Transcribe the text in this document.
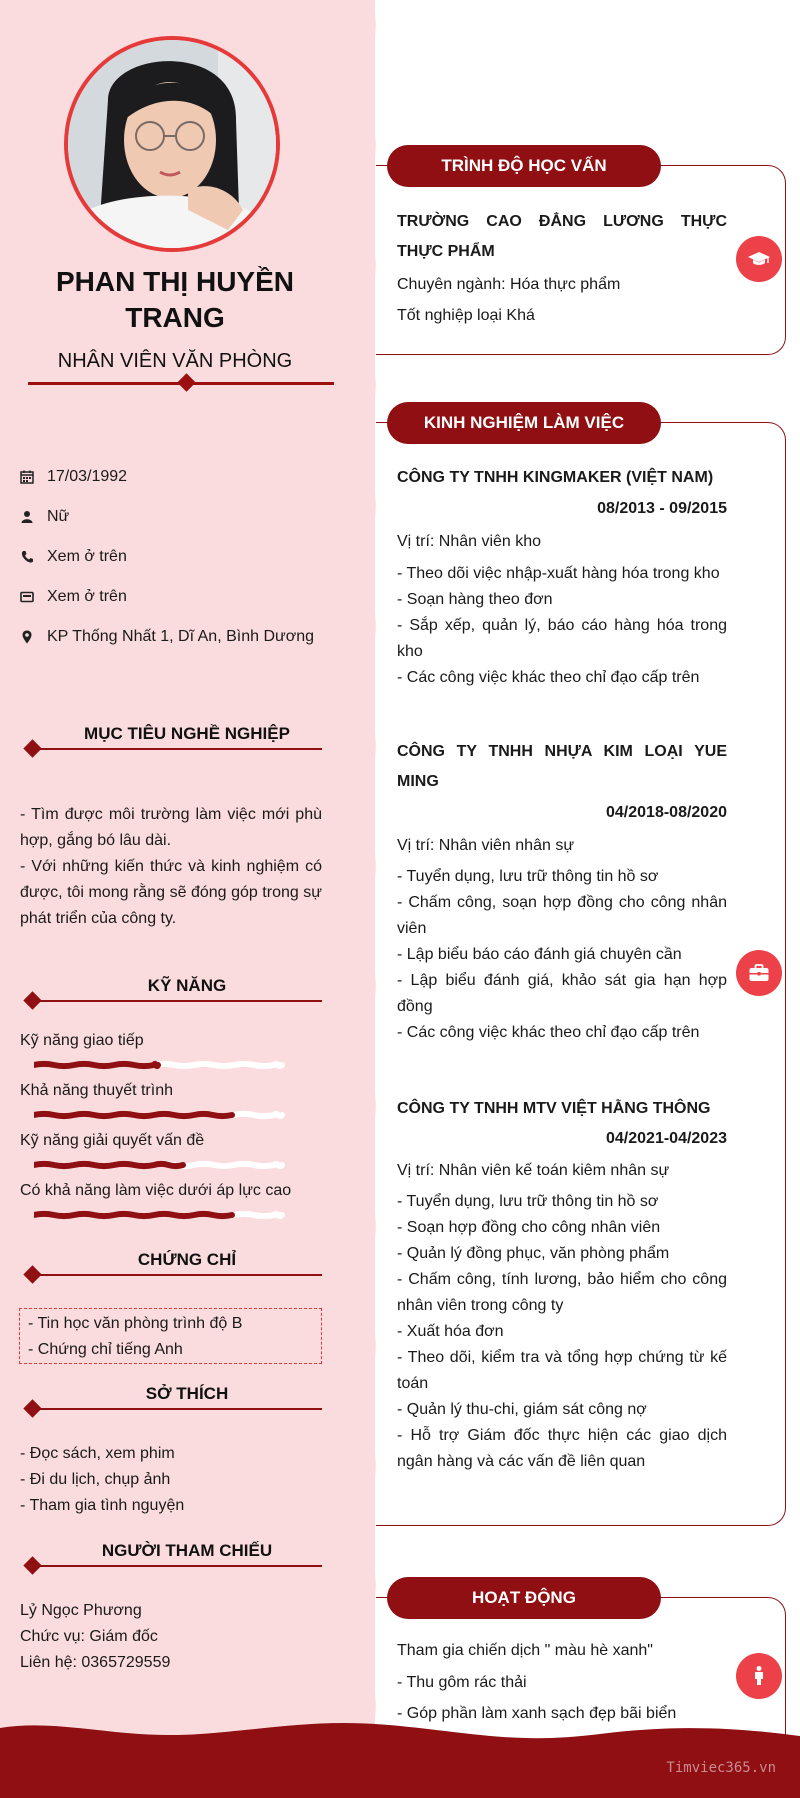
PHAN THỊ HUYỀN TRANG
NHÂN VIÊN VĂN PHÒNG
17/03/1992
Nữ
Xem ở trên
Xem ở trên
KP Thống Nhất 1, Dĩ An, Bình Dương
MỤC TIÊU NGHỀ NGHIỆP
- Tìm được môi trường làm việc mới phù hợp, gắng bó lâu dài.
- Với những kiến thức và kinh nghiệm có được, tôi mong rằng sẽ đóng góp trong sự phát triển của công ty.
KỸ NĂNG
Kỹ năng giao tiếp
Khả năng thuyết trình
Kỹ năng giải quyết vấn đề
Có khả năng làm việc dưới áp lực cao
CHỨNG CHỈ
- Tin học văn phòng trình độ B
- Chứng chỉ tiếng Anh
SỞ THÍCH
- Đọc sách, xem phim
- Đi du lịch, chụp ảnh
- Tham gia tình nguyện
NGƯỜI THAM CHIẾU
Lỷ Ngọc Phương
Chức vụ: Giám đốc
Liên hệ: 0365729559
TRÌNH ĐỘ HỌC VẤN
TRƯỜNG CAO ĐẲNG LƯƠNG THỰC THỰC PHẨM
Chuyên ngành: Hóa thực phẩm
Tốt nghiệp loại Khá
KINH NGHIỆM LÀM VIỆC
CÔNG TY TNHH KINGMAKER (VIỆT NAM)
08/2013 - 09/2015
Vị trí: Nhân viên kho
- Theo dõi việc nhập-xuất hàng hóa trong kho
- Soạn hàng theo đơn
- Sắp xếp, quản lý, báo cáo hàng hóa trong kho
- Các công việc khác theo chỉ đạo cấp trên
CÔNG TY TNHH NHỰA KIM LOẠI YUE MING
04/2018-08/2020
Vị trí: Nhân viên nhân sự
- Tuyển dụng, lưu trữ thông tin hồ sơ
- Chấm công, soạn hợp đồng cho công nhân viên
- Lập biểu báo cáo đánh giá chuyên cần
- Lập biểu đánh giá, khảo sát gia hạn hợp đồng
- Các công việc khác theo chỉ đạo cấp trên
CÔNG TY TNHH MTV VIỆT HẰNG THÔNG
04/2021-04/2023
Vị trí: Nhân viên kế toán kiêm nhân sự
- Tuyển dụng, lưu trữ thông tin hồ sơ
- Soạn hợp đồng cho công nhân viên
- Quản lý đồng phục, văn phòng phẩm
- Chấm công, tính lương, bảo hiểm cho công nhân viên trong công ty
- Xuất hóa đơn
- Theo dõi, kiểm tra và tổng hợp chứng từ kế toán
- Quản lý thu-chi, giám sát công nợ
- Hỗ trợ Giám đốc thực hiện các giao dịch ngân hàng và các vấn đề liên quan
HOẠT ĐỘNG
Tham gia chiến dịch " màu hè xanh"
- Thu gôm rác thải
- Góp phần làm xanh sạch đẹp bãi biển
Timviec365.vn
